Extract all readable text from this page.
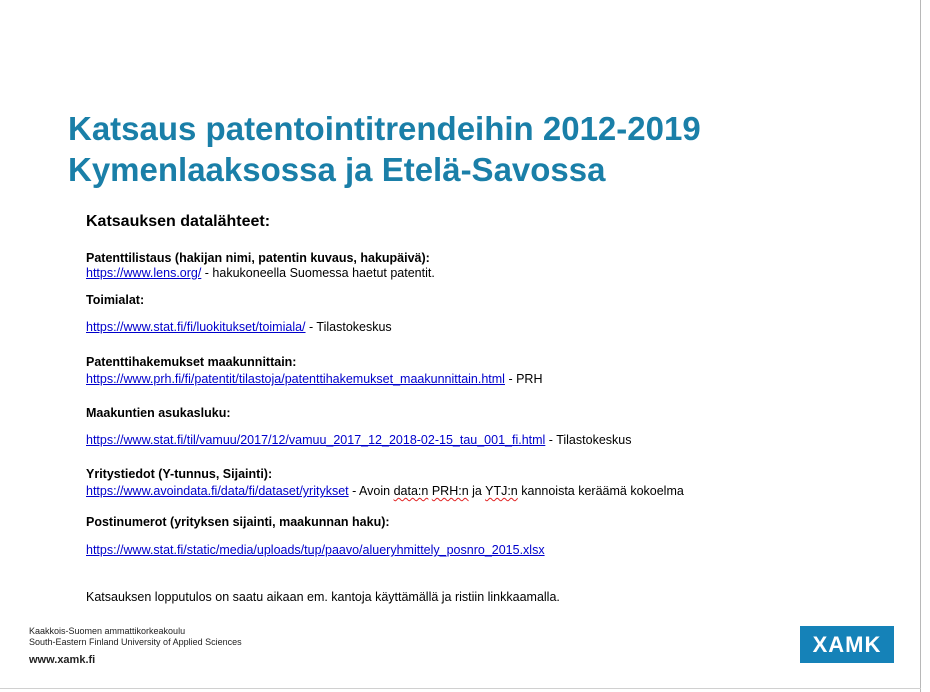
Katsaus patentointitrendeihin 2012-2019
Kymenlaaksossa ja Etelä-Savossa

Katsauksen datalähteet:

Patenttilistaus (hakijan nimi, patentin kuvaus, hakupäivä):

https://www.lens.org/ - hakukoneella Suomessa haetut patentit.

Toimialat:

https://www.stat.fi/fi/luokitukset/toimiala/ - Tilastokeskus

Patenttihakemukset maakunnittain:

https://www.prh.fi/fi/patentit/tilastoja/patenttihakemukset_maakunnittain.html - PRH

Maakuntien asukasluku:

https://www.stat.fi/til/vamuu/2017/12/vamuu_2017_12_2018-02-15_tau_001_fi.html - Tilastokeskus

Yritystiedot (Y-tunnus, Sijainti):

https://www.avoindata.fi/data/fi/dataset/yritykset - Avoin data:n PRH:n ja YTJ:n kannoista keräämä kokoelma

Postinumerot (yrityksen sijainti, maakunnan haku):

https://www.stat.fi/static/media/uploads/tup/paavo/alueryhmittely_posnro_2015.xlsx

Katsauksen lopputulos on saatu aikaan em. kantoja käyttämällä ja ristiin linkkaamalla.

Kaakkois-Suomen ammattikorkeakoulu
South-Eastern Finland University of Applied Sciences
www.xamk.fi
XAMK
